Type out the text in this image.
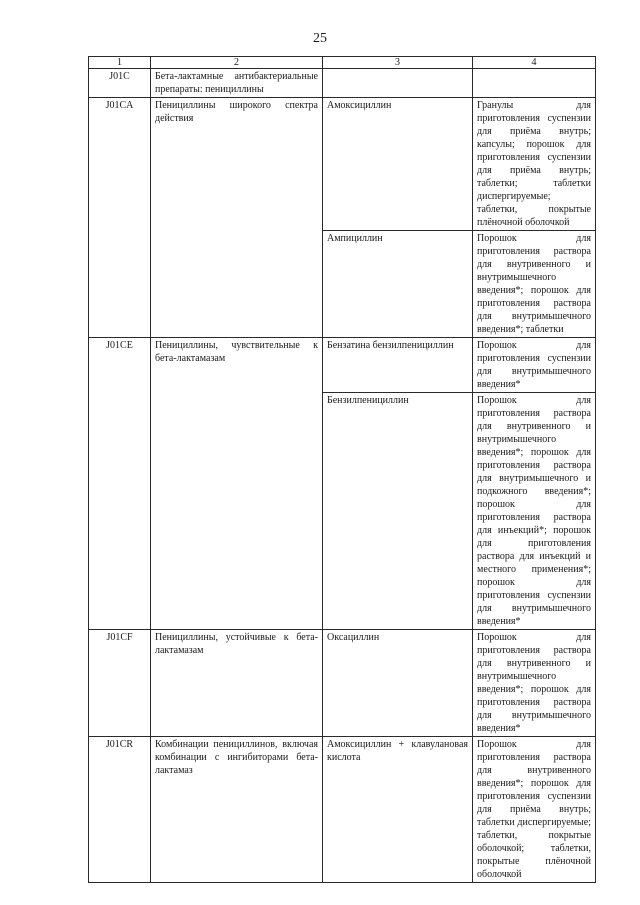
25
1	2	3	4
J01C	Бета-лактамные антибактериальные препараты: пенициллины		
J01CA	Пенициллины широкого спектра действия	Амоксициллин	Гранулы для приготовления суспензии для приёма внутрь; капсулы; порошок для приготовления суспензии для приёма внутрь; таблетки; таблетки диспергируемые; таблетки, покрытые плёночной оболочкой
		Ампициллин	Порошок для приготовления раствора для внутривенного и внутримышечного введения*; порошок для приготовления раствора для внутримышечного введения*; таблетки
J01CE	Пенициллины, чувствительные к бета-лактамазам	Бензатина бензилпенициллин	Порошок для приготовления суспензии для внутримышечного введения*
		Бензилпенициллин	Порошок для приготовления раствора для внутривенного и внутримышечного введения*; порошок для приготовления раствора для внутримышечного и подкожного введения*; порошок для приготовления раствора для инъекций*; порошок для приготовления раствора для инъекций и местного применения*; порошок для приготовления суспензии для внутримышечного введения*
J01CF	Пенициллины, устойчивые к бета-лактамазам	Оксациллин	Порошок для приготовления раствора для внутривенного и внутримышечного введения*; порошок для приготовления раствора для внутримышечного введения*
J01CR	Комбинации пенициллинов, включая комбинации с ингибиторами бета-лактамаз	Амоксициллин + клавулановая кислота	Порошок для приготовления раствора для внутривенного введения*; порошок для приготовления суспензии для приёма внутрь; таблетки диспергируемые; таблетки, покрытые оболочкой; таблетки, покрытые плёночной оболочкой
